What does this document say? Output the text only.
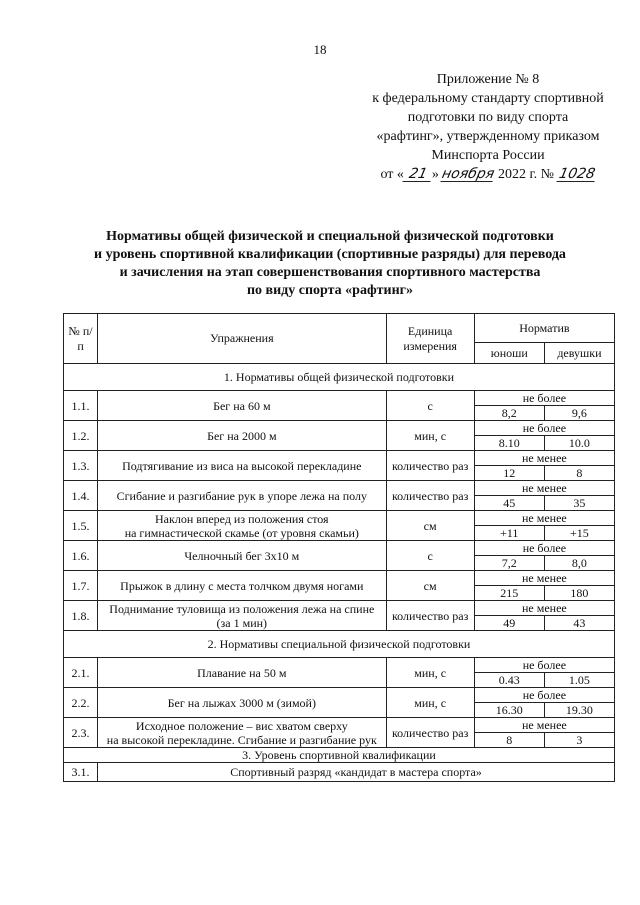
18
Приложение № 8
к федеральному стандарту спортивной
подготовки по виду спорта
«рафтинг», утвержденному приказом
Минспорта России
от « 21 » ноября 2022 г. № 1028
Нормативы общей физической и специальной физической подготовки
и уровень спортивной квалификации (спортивные разряды) для перевода
и зачисления на этап совершенствования спортивного мастерства
по виду спорта «рафтинг»
№ п/п	Упражнения	Единица измерения	Норматив	
			юноши	девушки
1. Нормативы общей физической подготовки				
1.1.	Бег на 60 м	с	не более	
			8,2	9,6
1.2.	Бег на 2000 м	мин, с	не более	
			8.10	10.0
1.3.	Подтягивание из виса на высокой перекладине	количество раз	не менее	
			12	8
1.4.	Сгибание и разгибание рук в упоре лежа на полу	количество раз	не менее	
			45	35
1.5.	Наклон вперед из положения стоя
на гимнастической скамье (от уровня скамьи)	см	не менее	
			+11	+15
1.6.	Челночный бег 3х10 м	с	не более	
			7,2	8,0
1.7.	Прыжок в длину с места толчком двумя ногами	см	не менее	
			215	180
1.8.	Поднимание туловища из положения лежа на спине
(за 1 мин)	количество раз	не менее	
			49	43
2. Нормативы специальной физической подготовки				
2.1.	Плавание на 50 м	мин, с	не более	
			0.43	1.05
2.2.	Бег на лыжах 3000 м (зимой)	мин, с	не более	
			16.30	19.30
2.3.	Исходное положение – вис хватом сверху
на высокой перекладине. Сгибание и разгибание рук	количество раз	не менее	
			8	3
3. Уровень спортивной квалификации				
3.1.	Спортивный разряд «кандидат в мастера спорта»			
